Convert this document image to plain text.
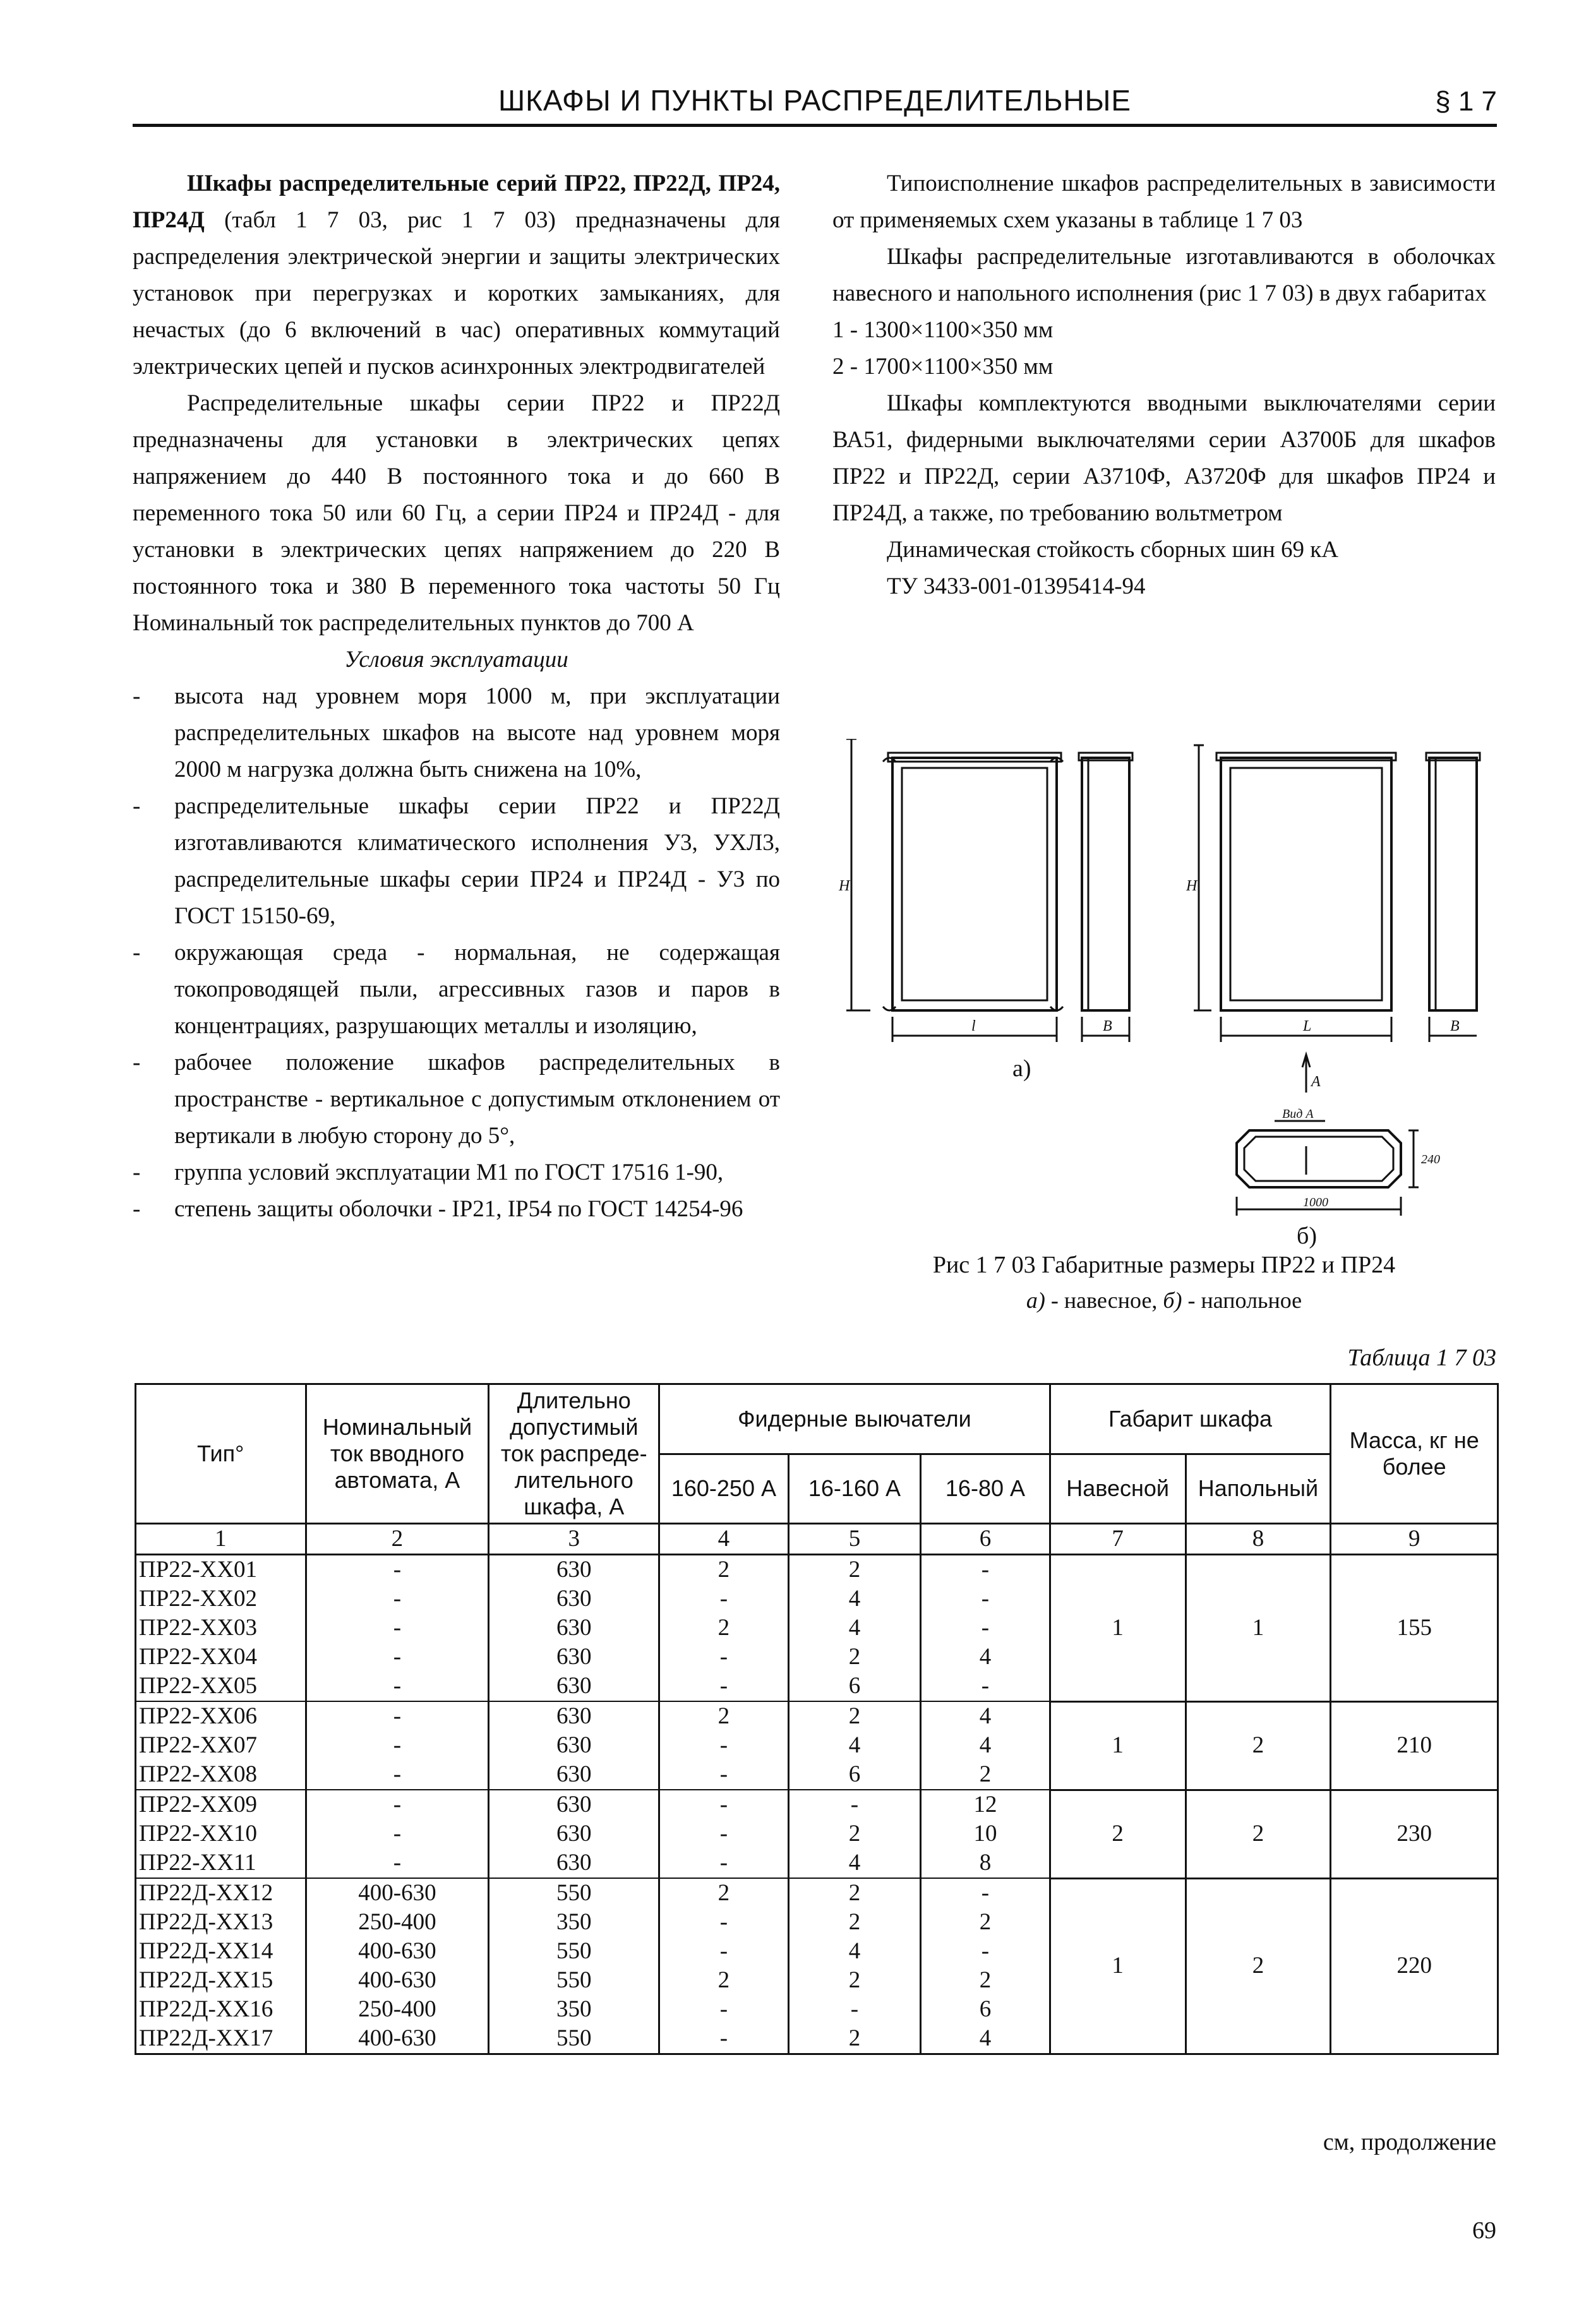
ШКАФЫ И ПУНКТЫ РАСПРЕДЕЛИТЕЛЬНЫЕ	§ 1 7

Шкафы распределительные серий ПР22, ПР22Д, ПР24, ПР24Д (табл 1 7 03, рис 1 7 03) предназначены для распределения электрической энергии и защиты электрических установок при перегрузках и коротких замыканиях, для нечастых (до 6 включений в час) оперативных коммутаций электрических цепей и пусков асинхронных электродвигателей

Распределительные шкафы серии ПР22 и ПР22Д предназначены для установки в электрических цепях напряжением до 440 В постоянного тока и до 660 В переменного тока 50 или 60 Гц, а серии ПР24 и ПР24Д - для установки в электрических цепях напряжением до 220 В постоянного тока и 380 В переменного тока частоты 50 Гц Номинальный ток распределительных пунктов до 700 А

Условия эксплуатации

- высота над уровнем моря 1000 м, при эксплуатации распределительных шкафов на высоте над уровнем моря 2000 м нагрузка должна быть снижена на 10%,
- распределительные шкафы серии ПР22 и ПР22Д изготавливаются климатического исполнения У3, УХЛ3, распределительные шкафы серии ПР24 и ПР24Д - У3 по ГОСТ 15150-69,
- окружающая среда - нормальная, не содержащая токопроводящей пыли, агрессивных газов и паров в концентрациях, разрушающих металлы и изоляцию,
- рабочее положение шкафов распределительных в пространстве - вертикальное с допустимым отклонением от вертикали в любую сторону до 5°,
- группа условий эксплуатации М1 по ГОСТ 17516 1-90,
- степень защиты оболочки - IP21, IP54 по ГОСТ 14254-96

Типоисполнение шкафов распределительных в зависимости от применяемых схем указаны в таблице 1 7 03

Шкафы распределительные изготавливаются в оболочках навесного и напольного исполнения (рис 1 7 03) в двух габаритах

1 - 1300×1100×350 мм

2 - 1700×1100×350 мм

Шкафы комплектуются вводными выключателями серии ВА51, фидерными выключателями серии А3700Б для шкафов ПР22 и ПР22Д, серии А3710Ф, А3720Ф для шкафов ПР24 и ПР24Д, а также, по требованию вольтметром

Динамическая стойкость сборных шин 69 кА

ТУ 3433-001-01395414-94

H
l	B
H
L	B
A
Вид А
240
1000
а)
б)
Рис 1 7 03 Габаритные размеры ПР22 и ПР24
а) - навесное, б) - напольное
Таблица 1 7 03
Тип°	Номинальный ток вводного автомата, А	Длительно допустимый ток распреде-лительного шкафа, А	Фидерные выючатели			Габарит шкафа		Масса, кг не более
			160-250 А	16-160 А	16-80 А	Навесной	Напольный	
1	2	3	4	5	6	7	8	9
ПР22-ХХ01	-	630	2	2	-	1	1	155
ПР22-ХХ02	-	630	-	4	-			
ПР22-ХХ03	-	630	2	4	-			
ПР22-ХХ04	-	630	-	2	4			
ПР22-ХХ05	-	630	-	6	-			
ПР22-ХХ06	-	630	2	2	4	1	2	210
ПР22-ХХ07	-	630	-	4	4			
ПР22-ХХ08	-	630	-	6	2			
ПР22-ХХ09	-	630	-	-	12	2	2	230
ПР22-ХХ10	-	630	-	2	10			
ПР22-ХХ11	-	630	-	4	8			
ПР22Д-ХХ12	400-630	550	2	2	-	1	2	220
ПР22Д-ХХ13	250-400	350	-	2	2			
ПР22Д-ХХ14	400-630	550	-	4	-			
ПР22Д-ХХ15	400-630	550	2	2	2			
ПР22Д-ХХ16	250-400	350	-	-	6			
ПР22Д-ХХ17	400-630	550	-	2	4			
см, продолжение
69
